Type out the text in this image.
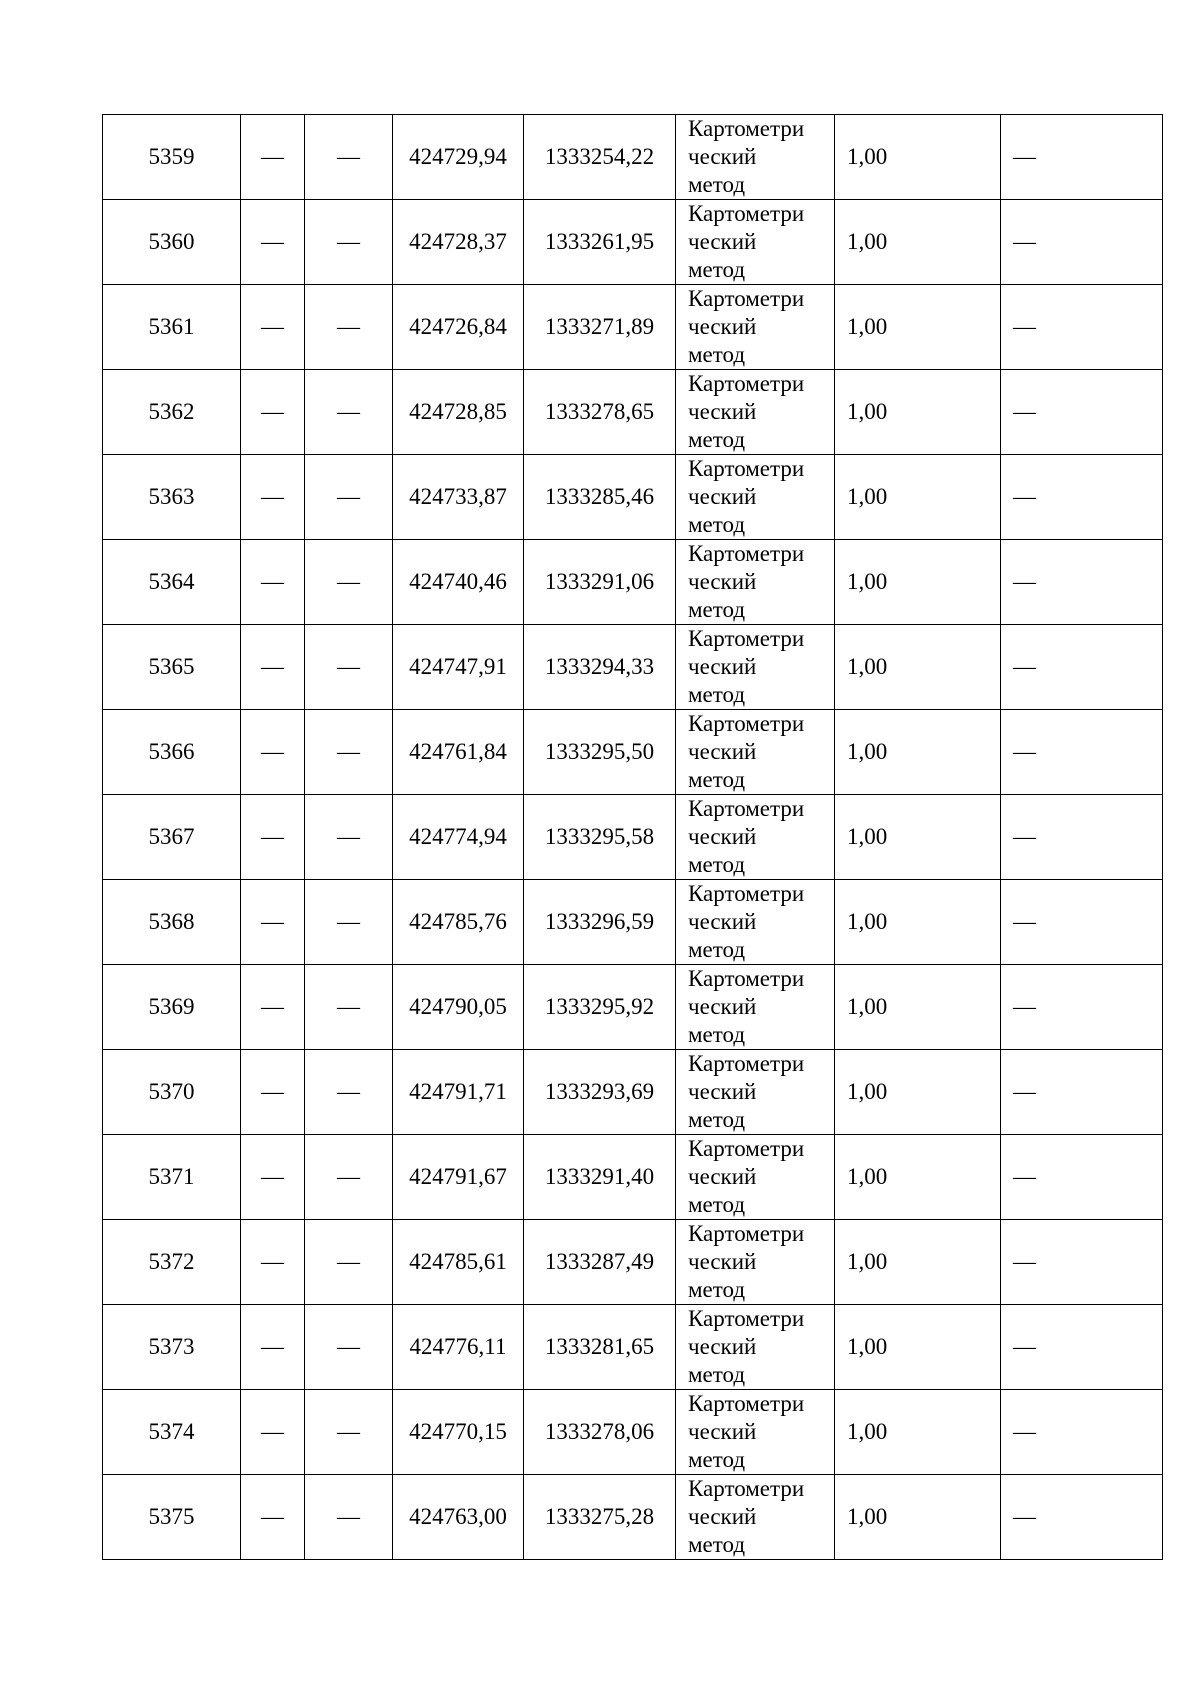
5359	—	—	424729,94	1333254,22	Картометри
ческий
метод	1,00	—
5360	—	—	424728,37	1333261,95	Картометри
ческий
метод	1,00	—
5361	—	—	424726,84	1333271,89	Картометри
ческий
метод	1,00	—
5362	—	—	424728,85	1333278,65	Картометри
ческий
метод	1,00	—
5363	—	—	424733,87	1333285,46	Картометри
ческий
метод	1,00	—
5364	—	—	424740,46	1333291,06	Картометри
ческий
метод	1,00	—
5365	—	—	424747,91	1333294,33	Картометри
ческий
метод	1,00	—
5366	—	—	424761,84	1333295,50	Картометри
ческий
метод	1,00	—
5367	—	—	424774,94	1333295,58	Картометри
ческий
метод	1,00	—
5368	—	—	424785,76	1333296,59	Картометри
ческий
метод	1,00	—
5369	—	—	424790,05	1333295,92	Картометри
ческий
метод	1,00	—
5370	—	—	424791,71	1333293,69	Картометри
ческий
метод	1,00	—
5371	—	—	424791,67	1333291,40	Картометри
ческий
метод	1,00	—
5372	—	—	424785,61	1333287,49	Картометри
ческий
метод	1,00	—
5373	—	—	424776,11	1333281,65	Картометри
ческий
метод	1,00	—
5374	—	—	424770,15	1333278,06	Картометри
ческий
метод	1,00	—
5375	—	—	424763,00	1333275,28	Картометри
ческий
метод	1,00	—
